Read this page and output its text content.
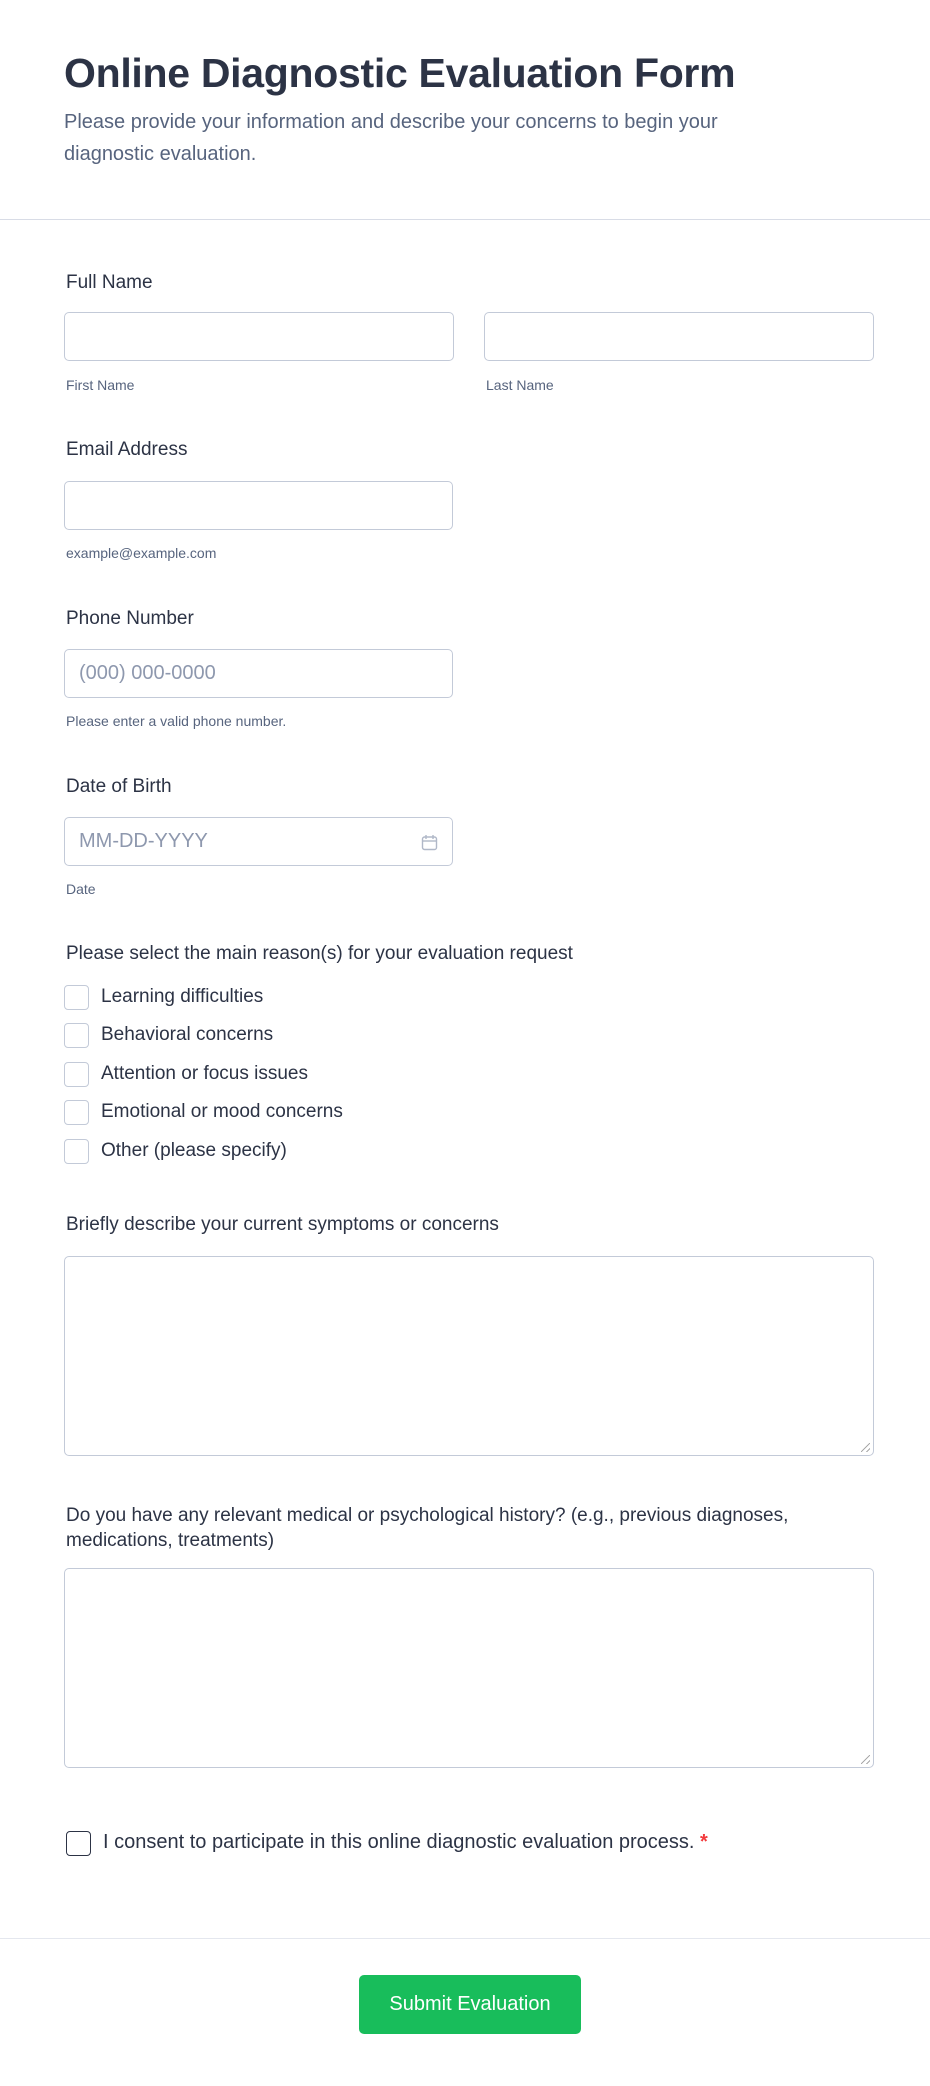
Online Diagnostic Evaluation Form
Please provide your information and describe your concerns to begin your diagnostic evaluation.
Full Name
First Name	Last Name
Email Address
example@example.com
Phone Number
(000) 000-0000
Please enter a valid phone number.
Date of Birth
MM-DD-YYYY
Date
Please select the main reason(s) for your evaluation request
Learning difficulties
Behavioral concerns
Attention or focus issues
Emotional or mood concerns
Other (please specify)
Briefly describe your current symptoms or concerns
Do you have any relevant medical or psychological history? (e.g., previous diagnoses, medications, treatments)
I consent to participate in this online diagnostic evaluation process. *
Submit Evaluation
